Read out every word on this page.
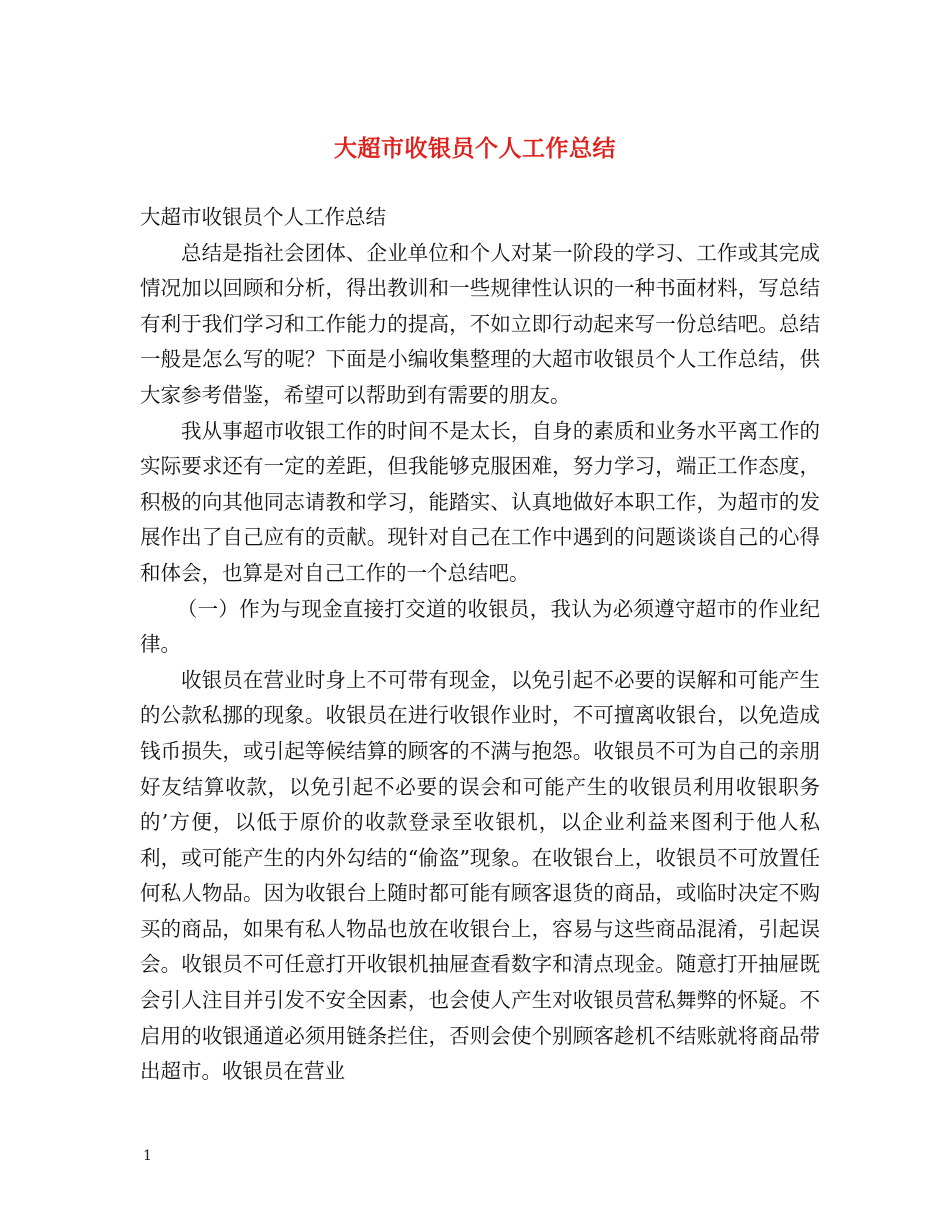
大超市收银员个人工作总结

大超市收银员个人工作总结

总结是指社会团体、企业单位和个人对某一阶段的学习、工作或其完成情况加以回顾和分析，得出教训和一些规律性认识的一种书面材料，写总结有利于我们学习和工作能力的提高，不如立即行动起来写一份总结吧。总结一般是怎么写的呢？下面是小编收集整理的大超市收银员个人工作总结，供大家参考借鉴，希望可以帮助到有需要的朋友。

我从事超市收银工作的时间不是太长，自身的素质和业务水平离工作的实际要求还有一定的差距，但我能够克服困难，努力学习，端正工作态度，积极的向其他同志请教和学习，能踏实、认真地做好本职工作，为超市的发展作出了自己应有的贡献。现针对自己在工作中遇到的问题谈谈自己的心得和体会，也算是对自己工作的一个总结吧。

（一）作为与现金直接打交道的收银员，我认为必须遵守超市的作业纪律。

收银员在营业时身上不可带有现金，以免引起不必要的误解和可能产生的公款私挪的现象。收银员在进行收银作业时，不可擅离收银台，以免造成钱币损失，或引起等候结算的顾客的不满与抱怨。收银员不可为自己的亲朋好友结算收款，以免引起不必要的误会和可能产生的收银员利用收银职务的’方便，以低于原价的收款登录至收银机，以企业利益来图利于他人私利，或可能产生的内外勾结的“偷盗”现象。在收银台上，收银员不可放置任何私人物品。因为收银台上随时都可能有顾客退货的商品，或临时决定不购买的商品，如果有私人物品也放在收银台上，容易与这些商品混淆，引起误会。收银员不可任意打开收银机抽屉查看数字和清点现金。随意打开抽屉既会引人注目并引发不安全因素，也会使人产生对收银员营私舞弊的怀疑。不启用的收银通道必须用链条拦住，否则会使个别顾客趁机不结账就将商品带出超市。收银员在营业

1
